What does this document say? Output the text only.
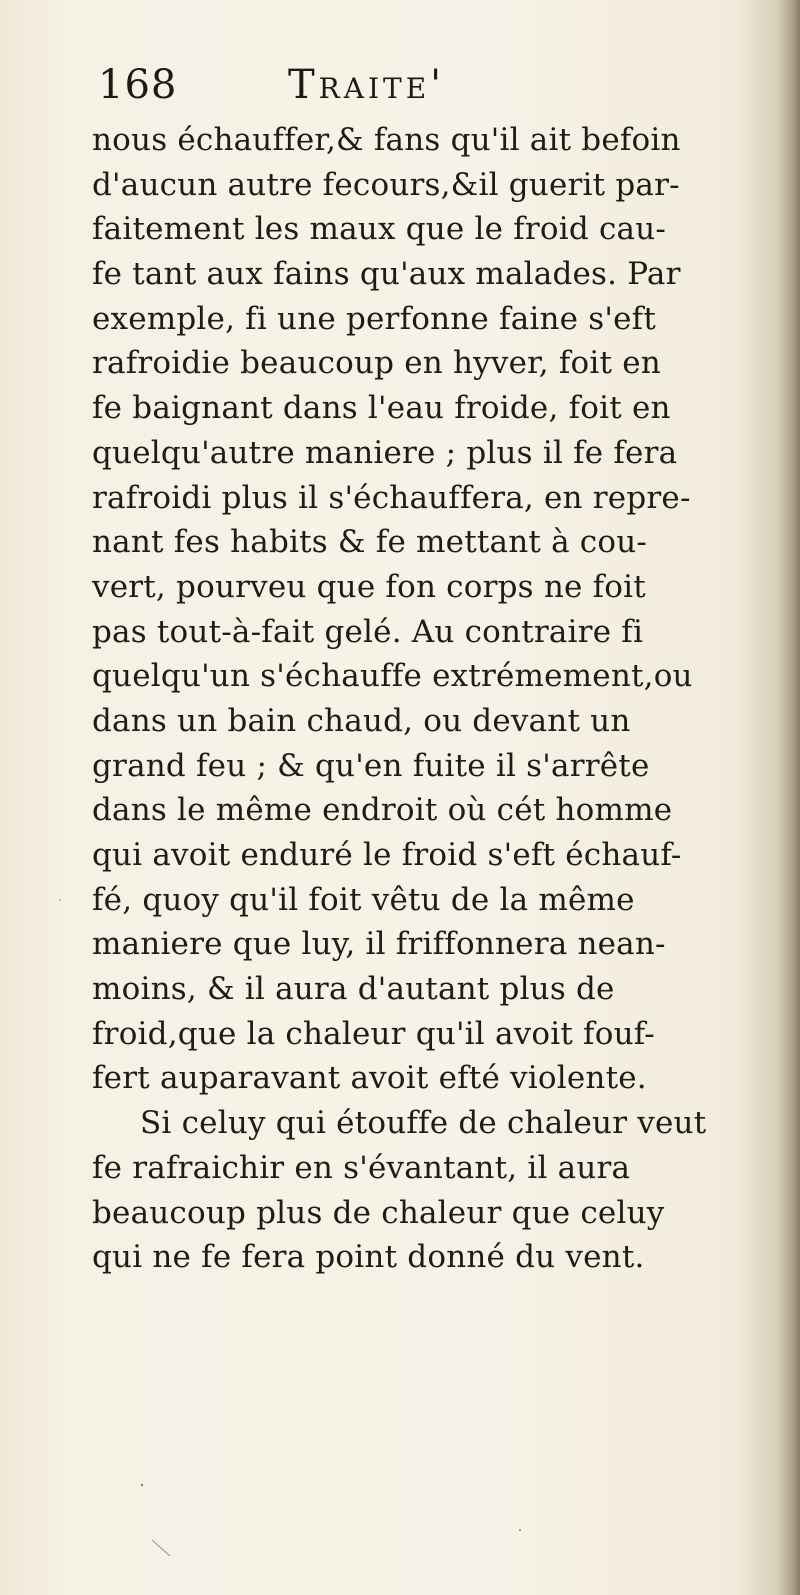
168	Traite'
nous échauffer,& fans qu'il ait befoin
d'aucun autre fecours,&il guerit par-
faitement les maux que le froid cau-
fe tant aux fains qu'aux malades. Par
exemple, fi une perfonne faine s'eft
rafroidie beaucoup en hyver, foit en
fe baignant dans l'eau froide, foit en
quelqu'autre maniere ; plus il fe fera
rafroidi plus il s'échauffera, en repre-
nant fes habits & fe mettant à cou-
vert, pourveu que fon corps ne foit
pas tout-à-fait gelé. Au contraire fi
quelqu'un s'échauffe extrémement,ou
dans un bain chaud, ou devant un
grand feu ; & qu'en fuite il s'arrête
dans le même endroit où cét homme
qui avoit enduré le froid s'eft échauf-
fé, quoy qu'il foit vêtu de la même
maniere que luy, il friffonnera nean-
moins, & il aura d'autant plus de
froid,que la chaleur qu'il avoit fouf-
fert auparavant avoit efté violente.
Si celuy qui étouffe de chaleur veut
fe rafraichir en s'évantant, il aura
beaucoup plus de chaleur que celuy
qui ne fe fera point donné du vent.
